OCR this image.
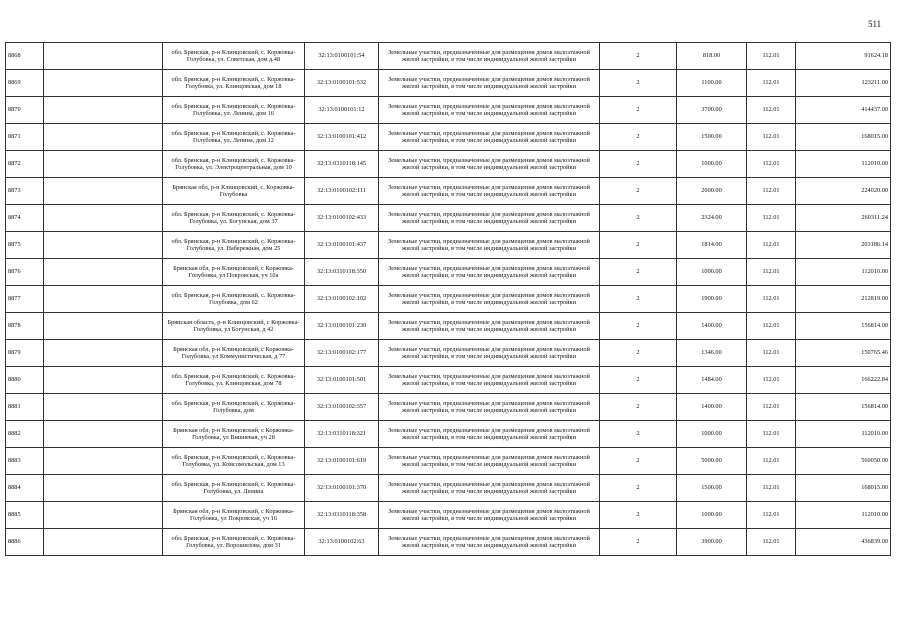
511
8868		обл. Брянская, р-н Клинцовский, с. Коржовка-Голубовка, ул. Советская, дом д.48	32:13:0100101:54	Земельные участки, предназначенные для размещения домов малоэтажной жилой застройки, в том числе индивидуальной жилой застройки	2	818.00	112.01	91624.18
8869		обл. Брянская, р-н Клинцовский, с. Коржовка-Голубовка, ул. Клинцовская, дом 18	32:13:0100101:532	Земельные участки, предназначенные для размещения домов малоэтажной жилой застройки, в том числе индивидуальной жилой застройки	2	1100.00	112.01	123211.00
8870		обл. Брянская, р-н Клинцовский, с. Коржовка-Голубовка, ул. Ленина, дом 16	32:13:0100101:12	Земельные участки, предназначенные для размещения домов малоэтажной жилой застройки, в том числе индивидуальной жилой застройки	2	3700.00	112.01	414437.00
8871		обл. Брянская, р-н Клинцовский, с. Коржовка-Голубовка, ул. Ленина, дом 12	32:13:0100101:412	Земельные участки, предназначенные для размещения домов малоэтажной жилой застройки, в том числе индивидуальной жилой застройки	2	1500.00	112.01	168015.00
8872		обл. Брянская, р-н Клинцовский, с. Коржовка-Голубовка, ул. Электроцентральная, дом 10	32:13:0310118:145	Земельные участки, предназначенные для размещения домов малоэтажной жилой застройки, в том числе индивидуальной жилой застройки	2	1000.00	112.01	112010.00
8873		Брянская обл, р-н Клинцовский, с. Коржовка-Голубовка	32:13:0100102:111	Земельные участки, предназначенные для размещения домов малоэтажной жилой застройки, в том числе индивидуальной жилой застройки	2	2000.00	112.01	224020.00
8874		обл. Брянская, р-н Клинцовский, с. Коржовка-Голубовка, ул. Богунская, дом 37	32:13:0100102:433	Земельные участки, предназначенные для размещения домов малоэтажной жилой застройки, в том числе индивидуальной жилой застройки	2	2324.00	112.01	260311.24
8875		обл. Брянская, р-н Клинцовский, с. Коржовка-Голубовка, ул. Набережная, дом 25	32:13:0100101:437	Земельные участки, предназначенные для размещения домов малоэтажной жилой застройки, в том числе индивидуальной жилой застройки	2	1814.00	112.01	203186.14
8876		Брянская обл, р-н Клинцовский, с Коржовка-Голубовка, ул Покровская, уч 10а	32:13:0310118:350	Земельные участки, предназначенные для размещения домов малоэтажной жилой застройки, в том числе индивидуальной жилой застройки	2	1000.00	112.01	112010.00
8877		обл. Брянская, р-н Клинцовский, с. Коржовка-Голубовка, дом 62	32:13:0100102:102	Земельные участки, предназначенные для размещения домов малоэтажной жилой застройки, в том числе индивидуальной жилой застройки	2	1900.00	112.01	212819.00
8878		Брянская область, р-н Клинцовский, с Коржовка-Голубовка, ул Богунская, д 42	32:13:0100101:230	Земельные участки, предназначенные для размещения домов малоэтажной жилой застройки, в том числе индивидуальной жилой застройки	2	1400.00	112.01	156814.00
8879		Брянская обл, р-н Клинцовский, с Коржовка-Голубовка, ул Коммунистическая, д 77	32:13:0100102:177	Земельные участки, предназначенные для размещения домов малоэтажной жилой застройки, в том числе индивидуальной жилой застройки	2	1346.00	112.01	150765.46
8880		обл. Брянская, р-н Клинцовский, с. Коржовка-Голубовка, ул. Клинцовская, дом 78	32:13:0100101:501	Земельные участки, предназначенные для размещения домов малоэтажной жилой застройки, в том числе индивидуальной жилой застройки	2	1484.00	112.01	166222.84
8881		обл. Брянская, р-н Клинцовский, с. Коржовка-Голубовка, дом	32:13:0100102:357	Земельные участки, предназначенные для размещения домов малоэтажной жилой застройки, в том числе индивидуальной жилой застройки	2	1400.00	112.01	156814.00
8882		Брянская обл, р-н Клинцовский, с Коржовка-Голубовка, ул Вишневая, уч 28	32:13:0310118:321	Земельные участки, предназначенные для размещения домов малоэтажной жилой застройки, в том числе индивидуальной жилой застройки	2	1000.00	112.01	112010.00
8883		обл. Брянская, р-н Клинцовский, с. Коржовка-Голубовка, ул. Комсомольская, дом 13	32:13:0100101:619	Земельные участки, предназначенные для размещения домов малоэтажной жилой застройки, в том числе индивидуальной жилой застройки	2	5000.00	112.01	560050.00
8884		обл. Брянская, р-н Клинцовский, с. Коржовка-Голубовка, ул. Ленина	32:13:0100101:370	Земельные участки, предназначенные для размещения домов малоэтажной жилой застройки, в том числе индивидуальной жилой застройки	2	1500.00	112.01	168015.00
8885		Брянская обл, р-н Клинцовский, с Коржовка-Голубовка, ул Покровская, уч 16	32:13:0310118:358	Земельные участки, предназначенные для размещения домов малоэтажной жилой застройки, в том числе индивидуальной жилой застройки	2	1000.00	112.01	112010.00
8886		обл. Брянская, р-н Клинцовский, с. Коржовка-Голубовка, ул. Ворошилова, дом 31	32:13:0100102:63	Земельные участки, предназначенные для размещения домов малоэтажной жилой застройки, в том числе индивидуальной жилой застройки	2	3900.00	112.01	436839.00
